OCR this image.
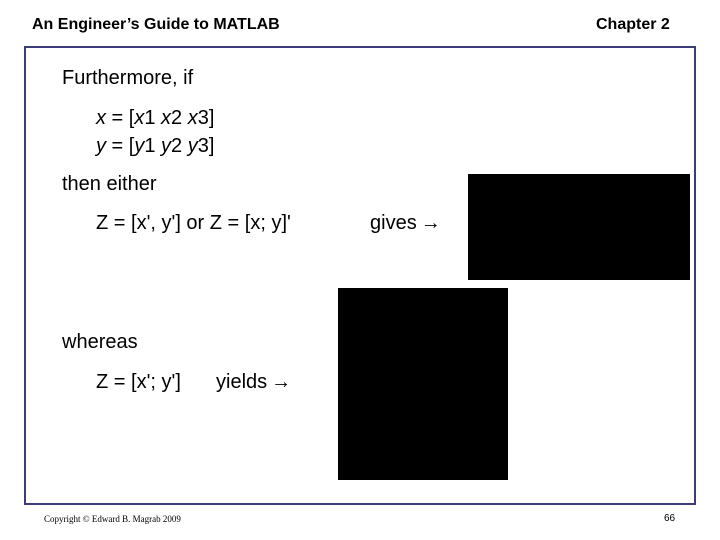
An Engineer’s Guide to MATLAB	Chapter 2
Furthermore, if
x = [x1 x2 x3]
y = [y1 y2 y3]
then either
Z = [x', y'] or Z = [x; y]'	gives →
whereas
Z = [x'; y'] yields →
Copyright © Edward B. Magrab 2009	66
